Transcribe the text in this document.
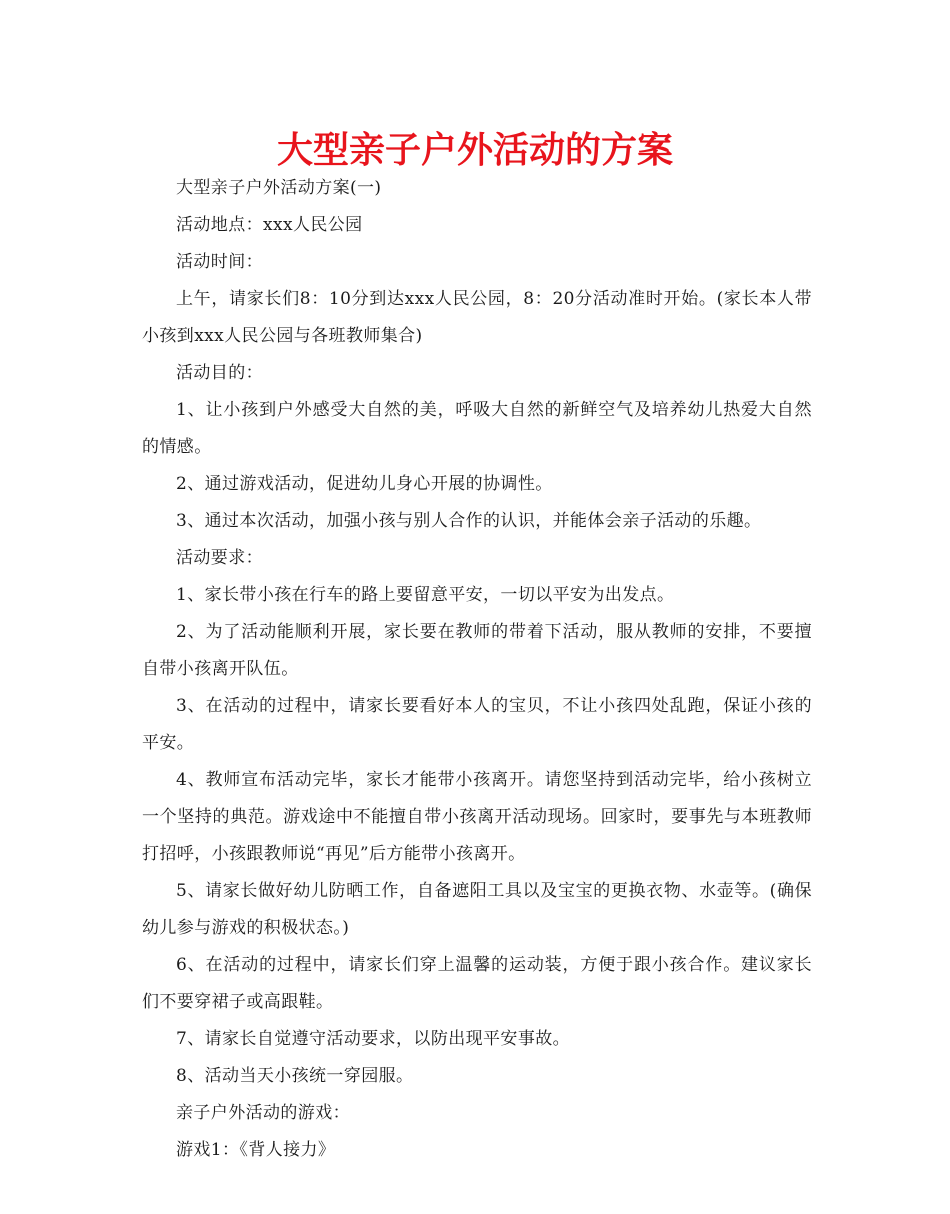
大型亲子户外活动的方案

大型亲子户外活动方案(一)

活动地点：xxx人民公园

活动时间：

上午，请家长们8：10分到达xxx人民公园，8：20分活动准时开始。(家长本人带小孩到xxx人民公园与各班教师集合)

活动目的：

1、让小孩到户外感受大自然的美，呼吸大自然的新鲜空气及培养幼儿热爱大自然的情感。

2、通过游戏活动，促进幼儿身心开展的协调性。

3、通过本次活动，加强小孩与别人合作的认识，并能体会亲子活动的乐趣。

活动要求：

1、家长带小孩在行车的路上要留意平安，一切以平安为出发点。

2、为了活动能顺利开展，家长要在教师的带着下活动，服从教师的安排，不要擅自带小孩离开队伍。

3、在活动的过程中，请家长要看好本人的宝贝，不让小孩四处乱跑，保证小孩的平安。

4、教师宣布活动完毕，家长才能带小孩离开。请您坚持到活动完毕，给小孩树立一个坚持的典范。游戏途中不能擅自带小孩离开活动现场。回家时，要事先与本班教师打招呼，小孩跟教师说“再见”后方能带小孩离开。

5、请家长做好幼儿防晒工作，自备遮阳工具以及宝宝的更换衣物、水壶等。(确保幼儿参与游戏的积极状态。)

6、在活动的过程中，请家长们穿上温馨的运动装，方便于跟小孩合作。建议家长们不要穿裙子或高跟鞋。

7、请家长自觉遵守活动要求，以防出现平安事故。

8、活动当天小孩统一穿园服。

亲子户外活动的游戏：

游戏1：《背人接力》
